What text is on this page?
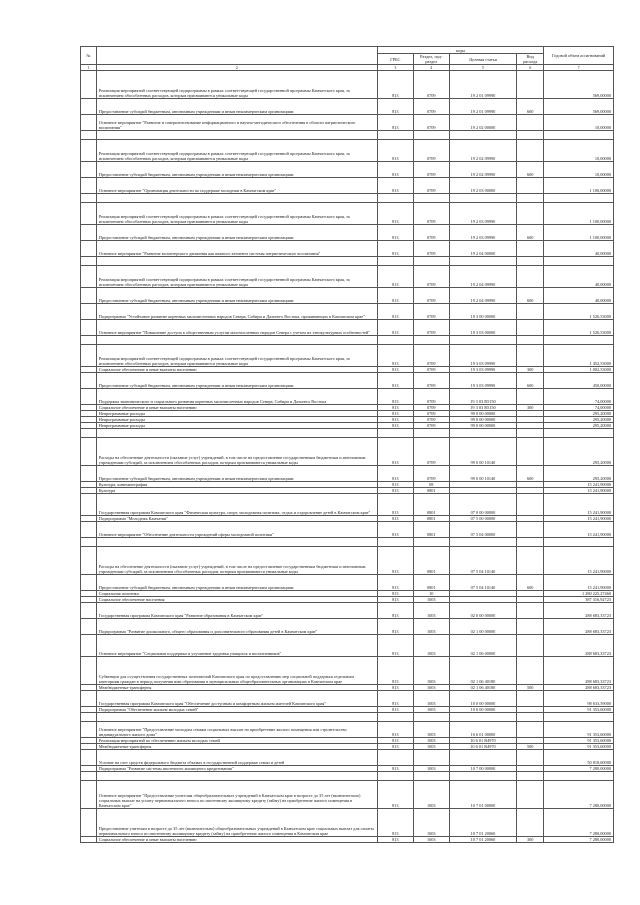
№		коды				Годовой объем ассигнований
		ГРБС	Раздел, под-раздел	Целевая статья	Вид расхода	
1	2	3	4	5	6	7
	Реализация мероприятий соответствующей подпрограммы в рамках соответствующей государственной программы Камчатского края, за исключением обособленных расходов, которым присваиваются уникальные коды	813	0709	19 2 01 09990		569,00000
	Предоставление субсидий бюджетным, автономным учреждениям и иным некоммерческим организациям	813	0709	19 2 01 09990	600	569,00000
	Основное мероприятие "Развитие и совершенствование информационного и научно-методического обеспечения в области патриотического воспитания"	813	0709	19 2 02 00000		10,00000

	Реализация мероприятий соответствующей подпрограммы в рамках соответствующей государственной программы Камчатского края, за исключением обособленных расходов, которым присваиваются уникальные коды	813	0709	19 2 02 09990		10,00000
	Предоставление субсидий бюджетным, автономным учреждениям и иным некоммерческим организациям	813	0709	19 2 02 09990	600	10,00000
	Основное мероприятие "Организация деятельности по поддержке молодежи в Камчатском крае"	813	0709	19 2 03 00000		1 100,00000

	Реализация мероприятий соответствующей подпрограммы в рамках соответствующей государственной программы Камчатского края, за исключением обособленных расходов, которым присваиваются уникальные коды	813	0709	19 2 03 09990		1 100,00000
	Предоставление субсидий бюджетным, автономным учреждениям и иным некоммерческим организациям	813	0709	19 2 03 09990	600	1 100,00000
	Основное мероприятие "Развитие волонтерского движения как важного элемента системы патриотического воспитания"	813	0709	19 2 04 00000		40,00000

	Реализация мероприятий соответствующей подпрограммы в рамках соответствующей государственной программы Камчатского края, за исключением обособленных расходов, которым присваиваются уникальные коды	813	0709	19 2 04 09990		40,00000
	Предоставление субсидий бюджетным, автономным учреждениям и иным некоммерческим организациям	813	0709	19 2 04 09990	600	40,00000
	Подпрограмма "Устойчивое развитие коренных малочисленных народов Севера, Сибири и Дальнего Востока, проживающих в Камчатском крае"	813	0709	19 3 00 00000		1 526,53000
	Основное мероприятие "Повышение доступа к общественным услугам малочисленных народов Севера с учетом их этнокультурных особенностей"	813	0709	19 3 03 00000		1 526,53000

	Реализация мероприятий соответствующей подпрограммы в рамках соответствующей государственной программы Камчатского края, за исключением обособленных расходов, которым присваиваются уникальные коды	813	0709	19 3 03 09990		1 452,53000
	Социальное обеспечение и иные выплаты населению	813	0709	19 3 03 09990	300	1 002,53000
	Предоставление субсидий бюджетным, автономным учреждениям и иным некоммерческим организациям	813	0709	19 3 03 09990	600	450,00000
	Поддержка экономического и социального развития коренных малочисленных народов Севера, Сибири и Дальнего Востока	813	0709	19 3 03 R5150		74,00000
	Социальное обеспечение и иные выплаты населению	813	0709	19 3 03 R5150	300	74,00000
	Непрограммные расходы	813	0709	99 0 00 00000		295,20000
	Непрограммные расходы	813	0709	99 0 00 00000		295,20000
	Непрограммные расходы	813	0709	99 0 00 00000		295,20000

	Расходы на обеспечение деятельности (оказание услуг) учреждений, в том числе на предоставление государственным бюджетным и автономным учреждениям субсидий, за исключением обособленных расходов, которым присваиваются уникальные коды	813	0709	99 0 00 10140		295,20000
	Предоставление субсидий бюджетным, автономным учреждениям и иным некоммерческим организациям	813	0709	99 0 00 10140	600	295,20000
	Культура, кинематография	813	08			15 241,90000
	Культура	813	0801			15 241,90000
	Государственная программа Камчатского края "Физическая культура, спорт, молодежная политика, отдых и оздоровление детей в Камчатском крае"	813	0801	07 0 00 00000		15 241,90000
	Подпрограмма "Молодежь Камчатки"	813	0801	07 5 00 00000		15 241,90000
	Основное мероприятие "Обеспечение деятельности учреждений сферы молодежной политики"	813	0801	07 5 04 00000		15 241,90000

	Расходы на обеспечение деятельности (оказание услуг) учреждений, в том числе на предоставление государственным бюджетным и автономным учреждениям субсидий, за исключением обособленных расходов, которым присваиваются уникальные коды	813	0801	07 5 04 10140		15 241,90000
	Предоставление субсидий бюджетным, автономным учреждениям и иным некоммерческим организациям	813	0801	07 5 04 10140	600	15 241,90000
	Социальная политика	813	10			1 280 225,27460
	Социальное обеспечение населения	813	1003			387 316,92723
	Государственная программа Камчатского края "Развитие образования в Камчатском крае"	813	1003	02 0 00 00000		288 683,33723
	Подпрограмма "Развитие дошкольного, общего образования и дополнительного образования детей в Камчатском крае"	813	1003	02 1 00 00000		288 683,33723
	Основное мероприятие "Социальная поддержка и улучшение здоровья учащихся и воспитанников"	813	1003	02 1 06 00000		288 683,33723
	Субвенции для осуществления государственных полномочий Камчатского края по предоставлению мер социальной поддержки отдельным категориям граждан в период получения ими образования в муниципальных общеобразовательных организациях в Камчатском крае	813	1003	02 1 06 40180		288 683,33723
	Межбюджетные трансферты	813	1003	02 1 06 40180	500	288 683,33723
	Государственная программа Камчатского края "Обеспечение доступным и комфортным жильем жителей Камчатского края"	813	1003	10 0 00 00000		98 633,59000
	Подпрограмма "Обеспечение жильем молодых семей"	813	1003	10 6 00 00000		91 353,60000

	Основное мероприятие "Предоставление молодым семьям социальных выплат на приобретение жилого помещения или строительство индивидуального жилого дома"	813	1003	10 6 01 00000		91 353,60000
	Реализация мероприятий по обеспечению жильем молодых семей	813	1003	10 6 01 R4970		91 353,60000
	Межбюджетные трансферты	813	1003	10 6 01 R4970	500	91 353,60000
	Условие на счет средств федерального бюджета объемах в государственной поддержке семьи и детей					50 818,60000
	Подпрограмма "Развитие системы ипотечного жилищного кредитования"	813	1003	10 7 00 00000		7 280,00000

	Основное мероприятие "Предоставление учителям общеобразовательных учреждений в Камчатском крае в возрасте до 35 лет (включительно) социальных выплат на уплату первоначального взноса по ипотечному жилищному кредиту (займу) на приобретение жилого помещения в Камчатском крае"	813	1003	10 7 01 00000		7 280,00000
	Предоставление учителям в возрасте до 35 лет (включительно) общеобразовательных учреждений в Камчатском крае социальных выплат для оплаты первоначального взноса по ипотечному жилищному кредиту (займу) на приобретение жилого помещения в Камчатском крае	813	1003	10 7 01 20060		7 280,00000
	Социальное обеспечение и иные выплаты населению	813	1003	10 7 01 20060	300	7 280,00000
